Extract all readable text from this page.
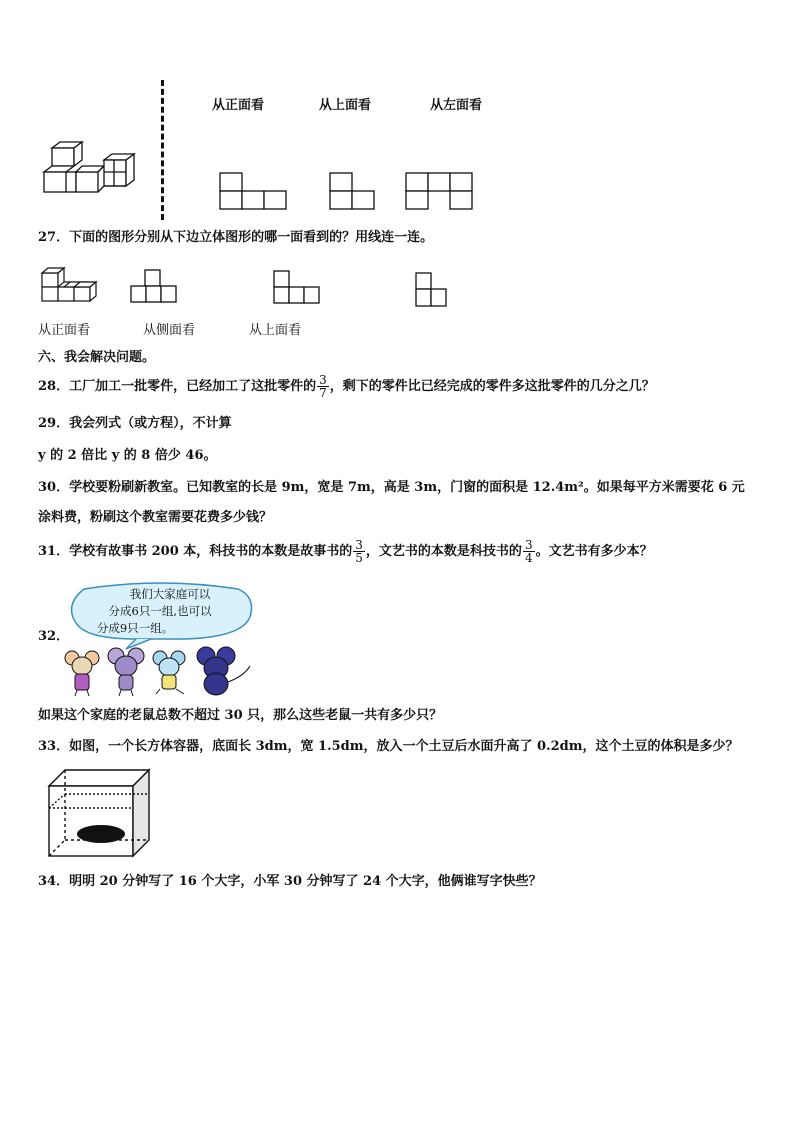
从正面看	从上面看	从左面看
27．下面的图形分别从下边立体图形的哪一面看到的？用线连一连。
从正面看	从侧面看	从上面看
六、我会解决问题。
28．工厂加工一批零件，已经加工了这批零件的 $\frac{3}{7}$ ，剩下的零件比已经完成的零件多这批零件的几分之几？
29．我会列式（或方程），不计算
y 的 2 倍比 y 的 8 倍少 46。
30．学校要粉刷新教室。已知教室的长是 9m，宽是 7m，高是 3m，门窗的面积是 12.4m²。如果每平方米需要花 6 元
涂料费，粉刷这个教室需要花费多少钱？
31．学校有故事书 200 本，科技书的本数是故事书的 $\frac{3}{5}$ ，文艺书的本数是科技书的 $\frac{3}{4}$ 。文艺书有多少本？
32．
我们大家庭可以
分成6只一组,也可以
分成9只一组。
如果这个家庭的老鼠总数不超过 30 只，那么这些老鼠一共有多少只？
33．如图，一个长方体容器，底面长 3dm，宽 1.5dm，放入一个土豆后水面升高了 0.2dm，这个土豆的体积是多少？
34．明明 20 分钟写了 16 个大字，小军 30 分钟写了 24 个大字，他俩谁写字快些？
